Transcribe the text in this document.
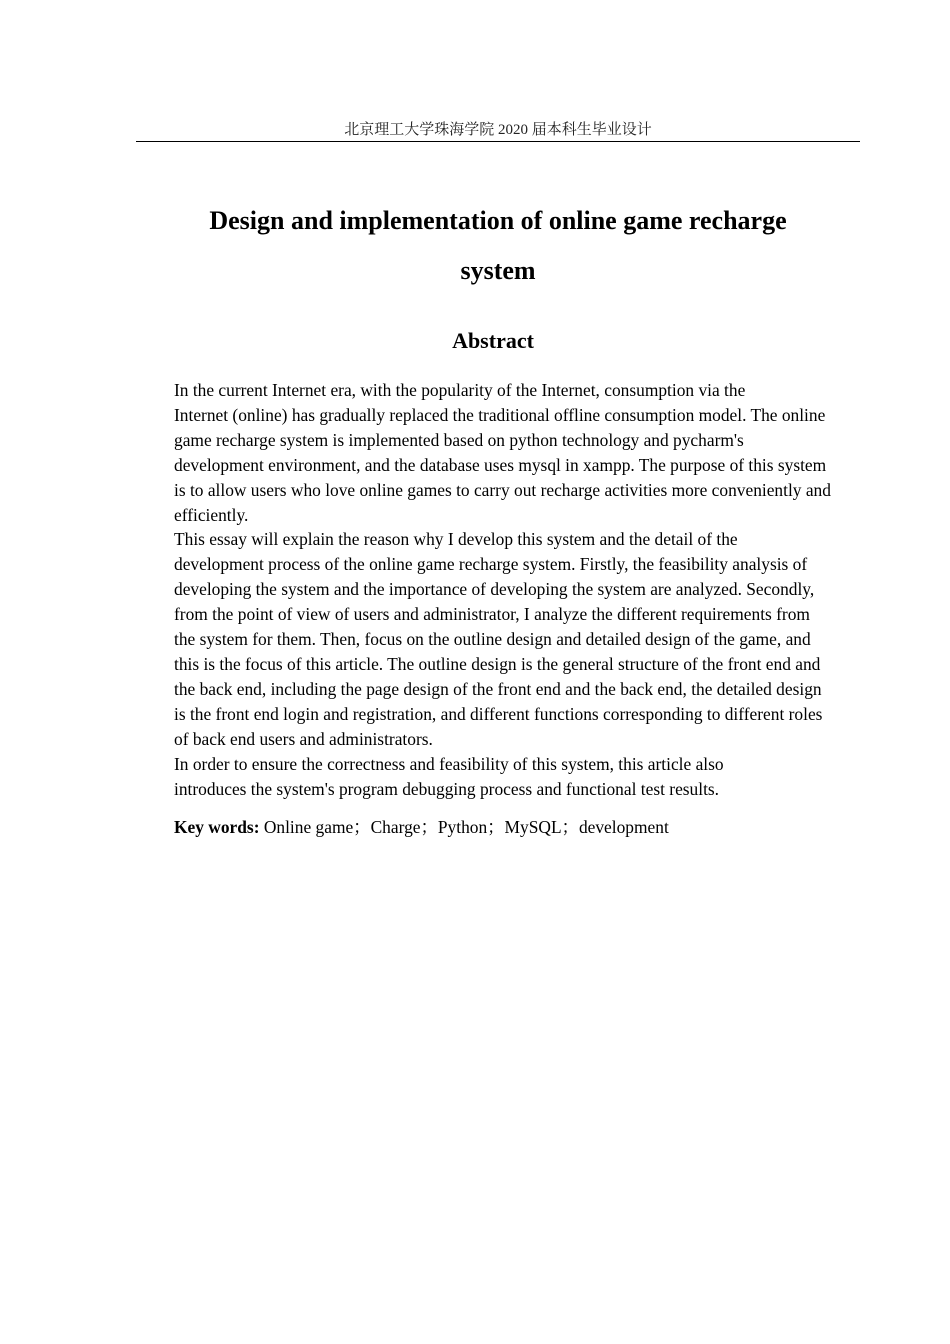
北京理工大学珠海学院 2020 届本科生毕业设计
Design and implementation of online game recharge
system
Abstract

In the current Internet era, with the popularity of the Internet, consumption via the
Internet (online) has gradually replaced the traditional offline consumption model. The online
game recharge system is implemented based on python technology and pycharm's
development environment, and the database uses mysql in xampp. The purpose of this system
is to allow users who love online games to carry out recharge activities more conveniently and
efficiently.

This essay will explain the reason why I develop this system and the detail of the
development process of the online game recharge system. Firstly, the feasibility analysis of
developing the system and the importance of developing the system are analyzed. Secondly,
from the point of view of users and administrator, I analyze the different requirements from
the system for them. Then, focus on the outline design and detailed design of the game, and
this is the focus of this article. The outline design is the general structure of the front end and
the back end, including the page design of the front end and the back end, the detailed design
is the front end login and registration, and different functions corresponding to different roles
of back end users and administrators.

In order to ensure the correctness and feasibility of this system, this article also
introduces the system's program debugging process and functional test results.

Key words: Online game；Charge；Python；MySQL；development
